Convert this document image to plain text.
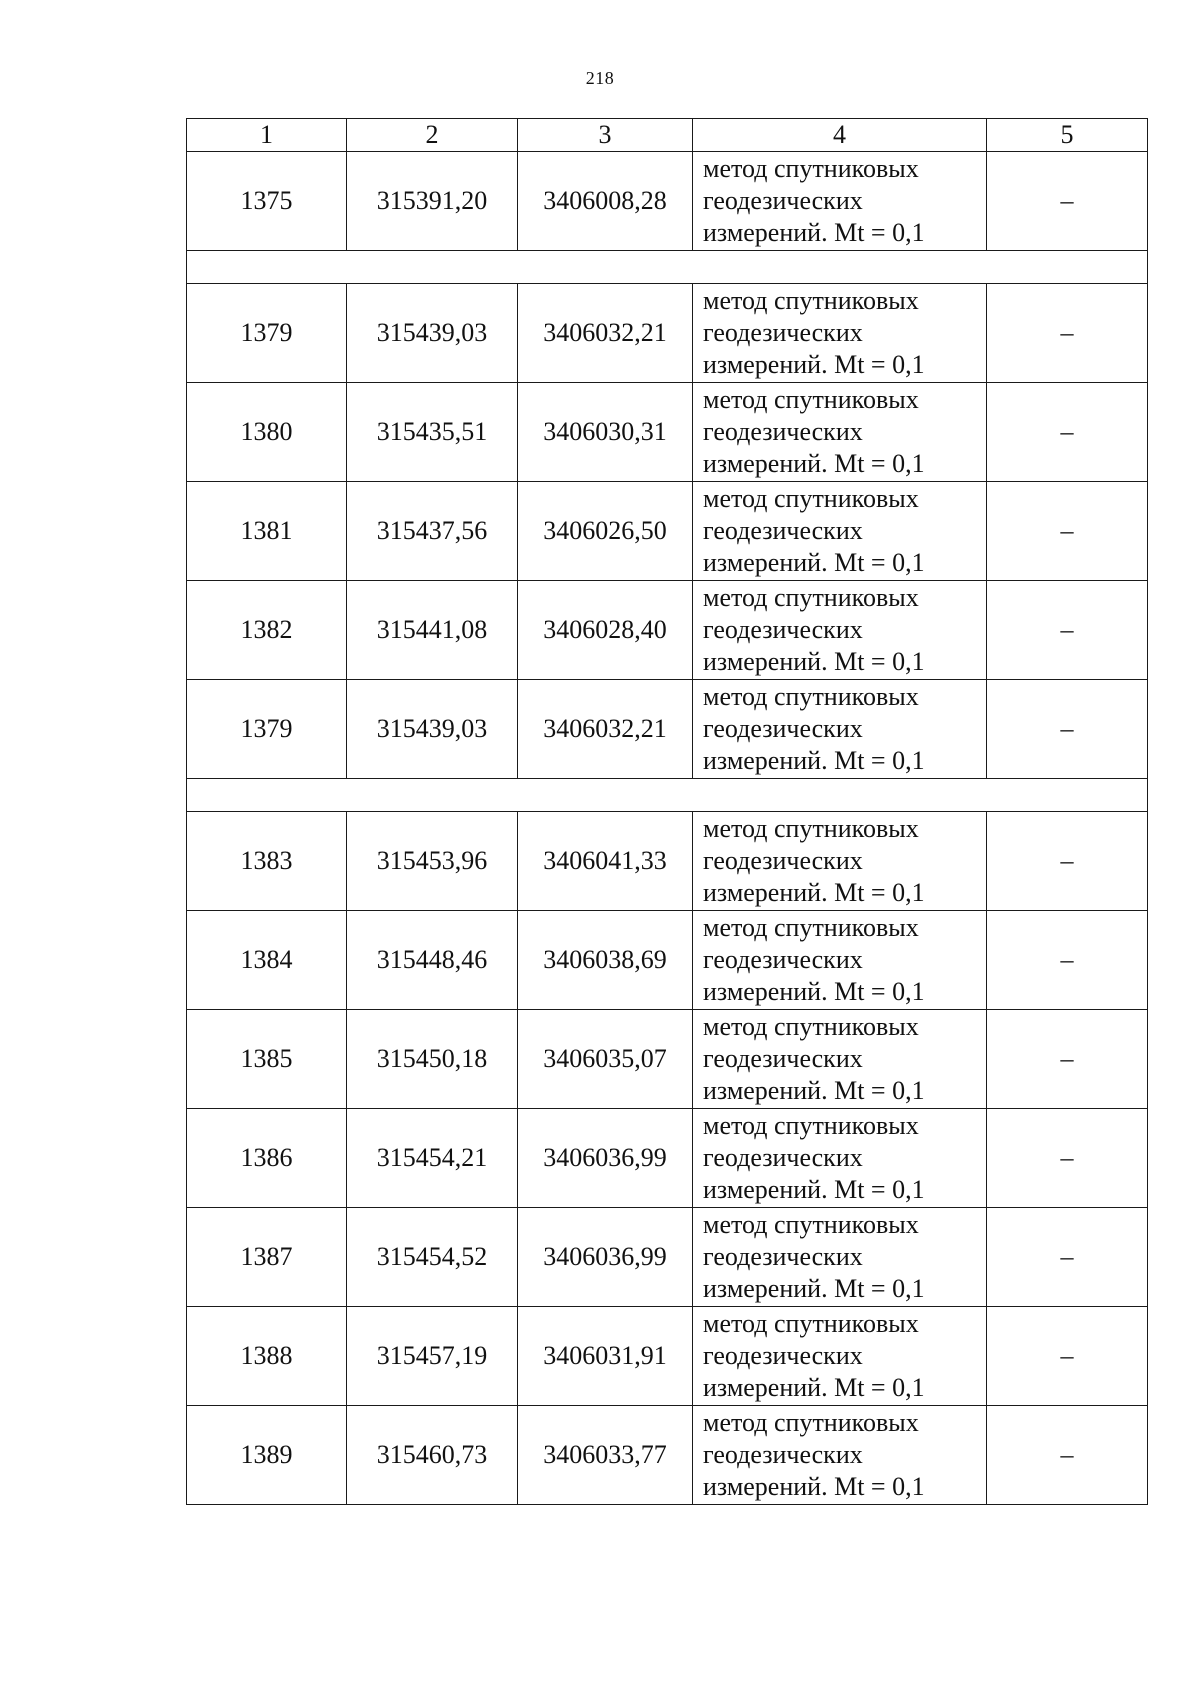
218
1	2	3	4	5
1375	315391,20	3406008,28	метод спутниковых
геодезических
измерений. Mt = 0,1	–

1379	315439,03	3406032,21	метод спутниковых
геодезических
измерений. Mt = 0,1	–
1380	315435,51	3406030,31	метод спутниковых
геодезических
измерений. Mt = 0,1	–
1381	315437,56	3406026,50	метод спутниковых
геодезических
измерений. Mt = 0,1	–
1382	315441,08	3406028,40	метод спутниковых
геодезических
измерений. Mt = 0,1	–
1379	315439,03	3406032,21	метод спутниковых
геодезических
измерений. Mt = 0,1	–

1383	315453,96	3406041,33	метод спутниковых
геодезических
измерений. Mt = 0,1	–
1384	315448,46	3406038,69	метод спутниковых
геодезических
измерений. Mt = 0,1	–
1385	315450,18	3406035,07	метод спутниковых
геодезических
измерений. Mt = 0,1	–
1386	315454,21	3406036,99	метод спутниковых
геодезических
измерений. Mt = 0,1	–
1387	315454,52	3406036,99	метод спутниковых
геодезических
измерений. Mt = 0,1	–
1388	315457,19	3406031,91	метод спутниковых
геодезических
измерений. Mt = 0,1	–
1389	315460,73	3406033,77	метод спутниковых
геодезических
измерений. Mt = 0,1	–
